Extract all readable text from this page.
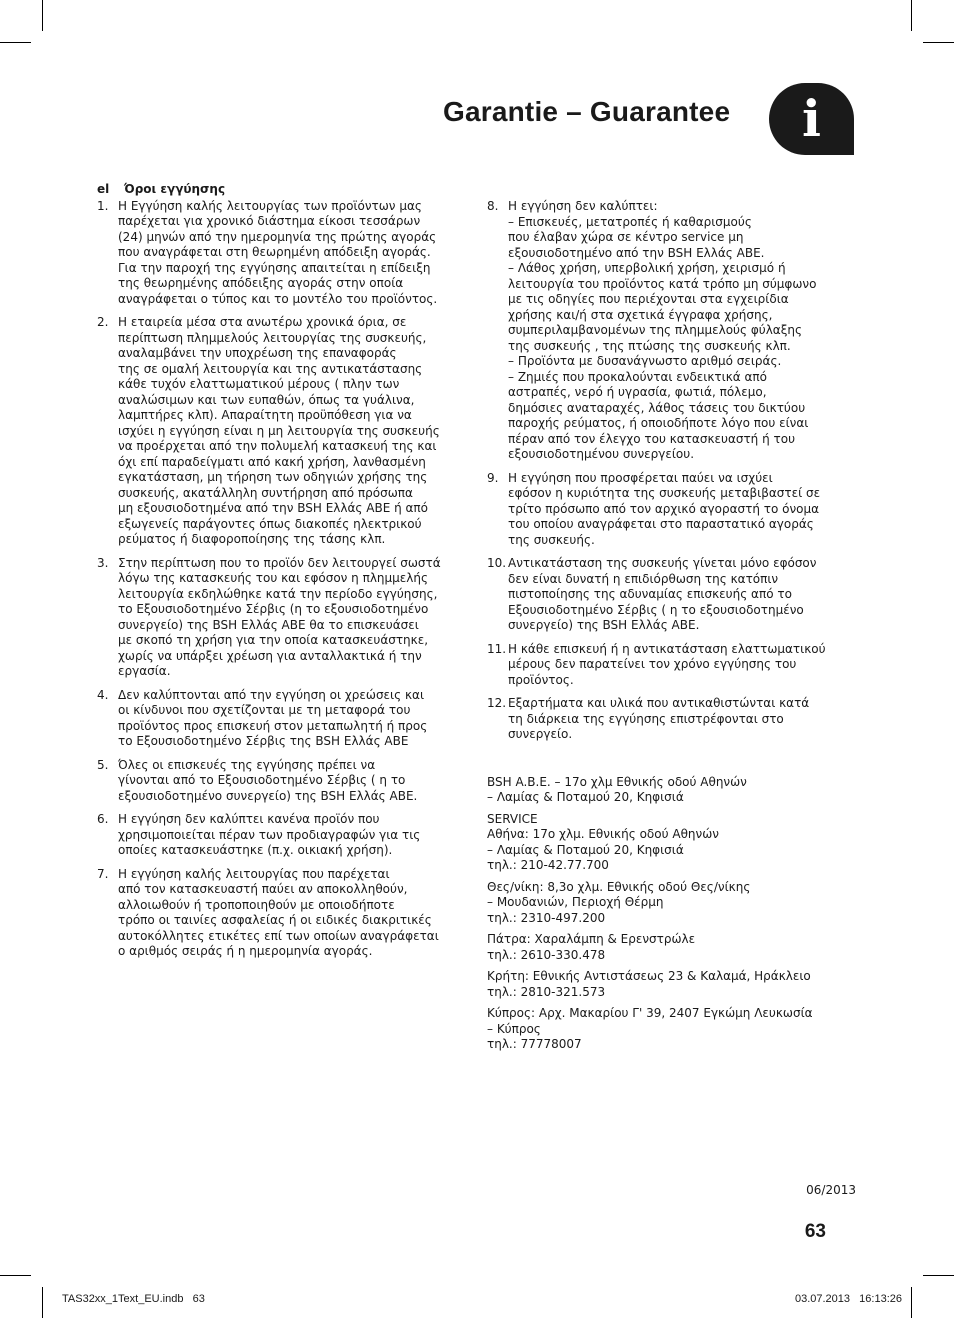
Garantie – Guarantee	i
el Όροι εγγύησης
1. Η Εγγύηση καλής λειτουργίας των προϊόντων μας
παρέχεται για χρονικό διάστημα είκοσι τεσσάρων
(24) μηνών από την ημερομηνία της πρώτης αγοράς
που αναγράφεται στη θεωρημένη απόδειξη αγοράς.
Για την παροχή της εγγύησης απαιτείται η επίδειξη
της θεωρημένης απόδειξης αγοράς στην οποία
αναγράφεται ο τύπος και το μοντέλο του προϊόντος.
2. Η εταιρεία μέσα στα ανωτέρω χρονικά όρια, σε
περίπτωση πλημμελούς λειτουργίας της συσκευής,
αναλαμβάνει την υποχρέωση της επαναφοράς
της σε ομαλή λειτουργία και της αντικατάστασης
κάθε τυχόν ελαττωματικού μέρους ( πλην των
αναλώσιμων και των ευπαθών, όπως τα γυάλινα,
λαμπτήρες κλπ). Απαραίτητη προϋπόθεση για να
ισχύει η εγγύηση είναι η μη λειτουργία της συσκευής
να προέρχεται από την πολυμελή κατασκευή της και
όχι επί παραδείγματι από κακή χρήση, λανθασμένη
εγκατάσταση, μη τήρηση των οδηγιών χρήσης της
συσκευής, ακατάλληλη συντήρηση από πρόσωπα
μη εξουσιοδοτημένα από την BSH Ελλάς ΑΒΕ ή από
εξωγενείς παράγοντες όπως διακοπές ηλεκτρικού
ρεύματος ή διαφοροποίησης της τάσης κλπ.
3. Στην περίπτωση που το προϊόν δεν λειτουργεί σωστά
λόγω της κατασκευής του και εφόσον η πλημμελής
λειτουργία εκδηλώθηκε κατά την περίοδο εγγύησης,
το Εξουσιοδοτημένο Σέρβις (η το εξουσιοδοτημένο
συνεργείο) της BSH Ελλάς ΑΒΕ θα το επισκευάσει
με σκοπό τη χρήση για την οποία κατασκευάστηκε,
χωρίς να υπάρξει χρέωση για ανταλλακτικά ή την
εργασία.
4. Δεν καλύπτονται από την εγγύηση οι χρεώσεις και
οι κίνδυνοι που σχετίζονται με τη μεταφορά του
προϊόντος προς επισκευή στον μεταπωλητή ή προς
το Εξουσιοδοτημένο Σέρβις της BSH Ελλάς ΑΒΕ
5. Όλες οι επισκευές της εγγύησης πρέπει να
γίνονται από το Εξουσιοδοτημένο Σέρβις ( η το
εξουσιοδοτημένο συνεργείο) της BSH Ελλάς ΑΒΕ.
6. Η εγγύηση δεν καλύπτει κανένα προϊόν που
χρησιμοποιείται πέραν των προδιαγραφών για τις
οποίες κατασκευάστηκε (π.χ. οικιακή χρήση).
7. Η εγγύηση καλής λειτουργίας που παρέχεται
από τον κατασκευαστή παύει αν αποκολληθούν,
αλλοιωθούν ή τροποποιηθούν με οποιοδήποτε
τρόπο οι ταινίες ασφαλείας ή οι ειδικές διακριτικές
αυτοκόλλητες ετικέτες επί των οποίων αναγράφεται
ο αριθμός σειράς ή η ημερομηνία αγοράς.
8. Η εγγύηση δεν καλύπτει:
– Επισκευές, μετατροπές ή καθαρισμούς
που έλαβαν χώρα σε κέντρο service μη
εξουσιοδοτημένο από την BSH Ελλάς ΑΒΕ.
– Λάθος χρήση, υπερβολική χρήση, χειρισμό ή
λειτουργία του προϊόντος κατά τρόπο μη σύμφωνο
με τις οδηγίες που περιέχονται στα εγχειρίδια
χρήσης και/ή στα σχετικά έγγραφα χρήσης,
συμπεριλαμβανομένων της πλημμελούς φύλαξης
της συσκευής , της πτώσης της συσκευής κλπ.
– Προϊόντα με δυσανάγνωστο αριθμό σειράς.
– Ζημιές που προκαλούνται ενδεικτικά από
αστραπές, νερό ή υγρασία, φωτιά, πόλεμο,
δημόσιες αναταραχές, λάθος τάσεις του δικτύου
παροχής ρεύματος, ή οποιοδήποτε λόγο που είναι
πέραν από τον έλεγχο του κατασκευαστή ή του
εξουσιοδοτημένου συνεργείου.
9. Η εγγύηση που προσφέρεται παύει να ισχύει
εφόσον η κυριότητα της συσκευής μεταβιβαστεί σε
τρίτο πρόσωπο από τον αρχικό αγοραστή το όνομα
του οποίου αναγράφεται στο παραστατικό αγοράς
της συσκευής.
10. Αντικατάσταση της συσκευής γίνεται μόνο εφόσον
δεν είναι δυνατή η επιδιόρθωση της κατόπιν
πιστοποίησης της αδυναμίας επισκευής από το
Εξουσιοδοτημένο Σέρβις ( η το εξουσιοδοτημένο
συνεργείο) της BSH Ελλάς ΑΒΕ.
11. Η κάθε επισκευή ή η αντικατάσταση ελαττωματικού
μέρους δεν παρατείνει τον χρόνο εγγύησης του
προϊόντος.
12. Εξαρτήματα και υλικά που αντικαθιστώνται κατά
τη διάρκεια της εγγύησης επιστρέφονται στο
συνεργείο.
BSH A.B.E. – 17ο χλμ Εθνικής οδού Αθηνών
– Λαμίας & Ποταμού 20, Κηφισιά
SERVICE
Αθήνα: 17ο χλμ. Εθνικής οδού Αθηνών
– Λαμίας & Ποταμού 20, Κηφισιά
τηλ.: 210-42.77.700
Θες/νίκη: 8,3ο χλμ. Εθνικής οδού Θες/νίκης
– Μουδανιών, Περιοχή Θέρμη
τηλ.: 2310-497.200
Πάτρα: Χαραλάμπη & Ερενστρώλε
τηλ.: 2610-330.478
Κρήτη: Εθνικής Αντιστάσεως 23 & Καλαμά, Ηράκλειο
τηλ.: 2810-321.573
Κύπρος: Αρχ. Μακαρίου Γ' 39, 2407 Εγκώμη Λευκωσία
– Κύπρος
τηλ.: 77778007
06/2013
63
TAS32xx_1Text_EU.indb   63	03.07.2013   16:13:26
